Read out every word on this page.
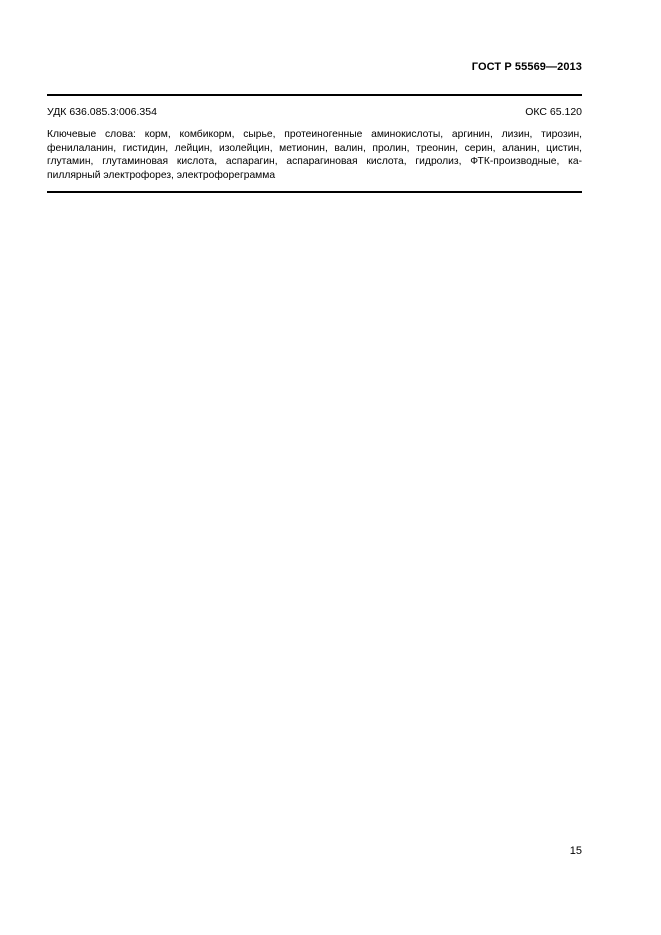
ГОСТ Р 55569—2013
УДК 636.085.3:006.354	ОКС 65.120
Ключевые слова: корм, комбикорм, сырье, протеиногенные аминокислоты, аргинин, лизин, тирозин,
фенилаланин, гистидин, лейцин, изолейцин, метионин, валин, пролин, треонин, серин, аланин, цистин,
глутамин, глутаминовая кислота, аспарагин, аспарагиновая кислота, гидролиз, ФТК-производные, ка-
пиллярный электрофорез, электрофореграмма
15
